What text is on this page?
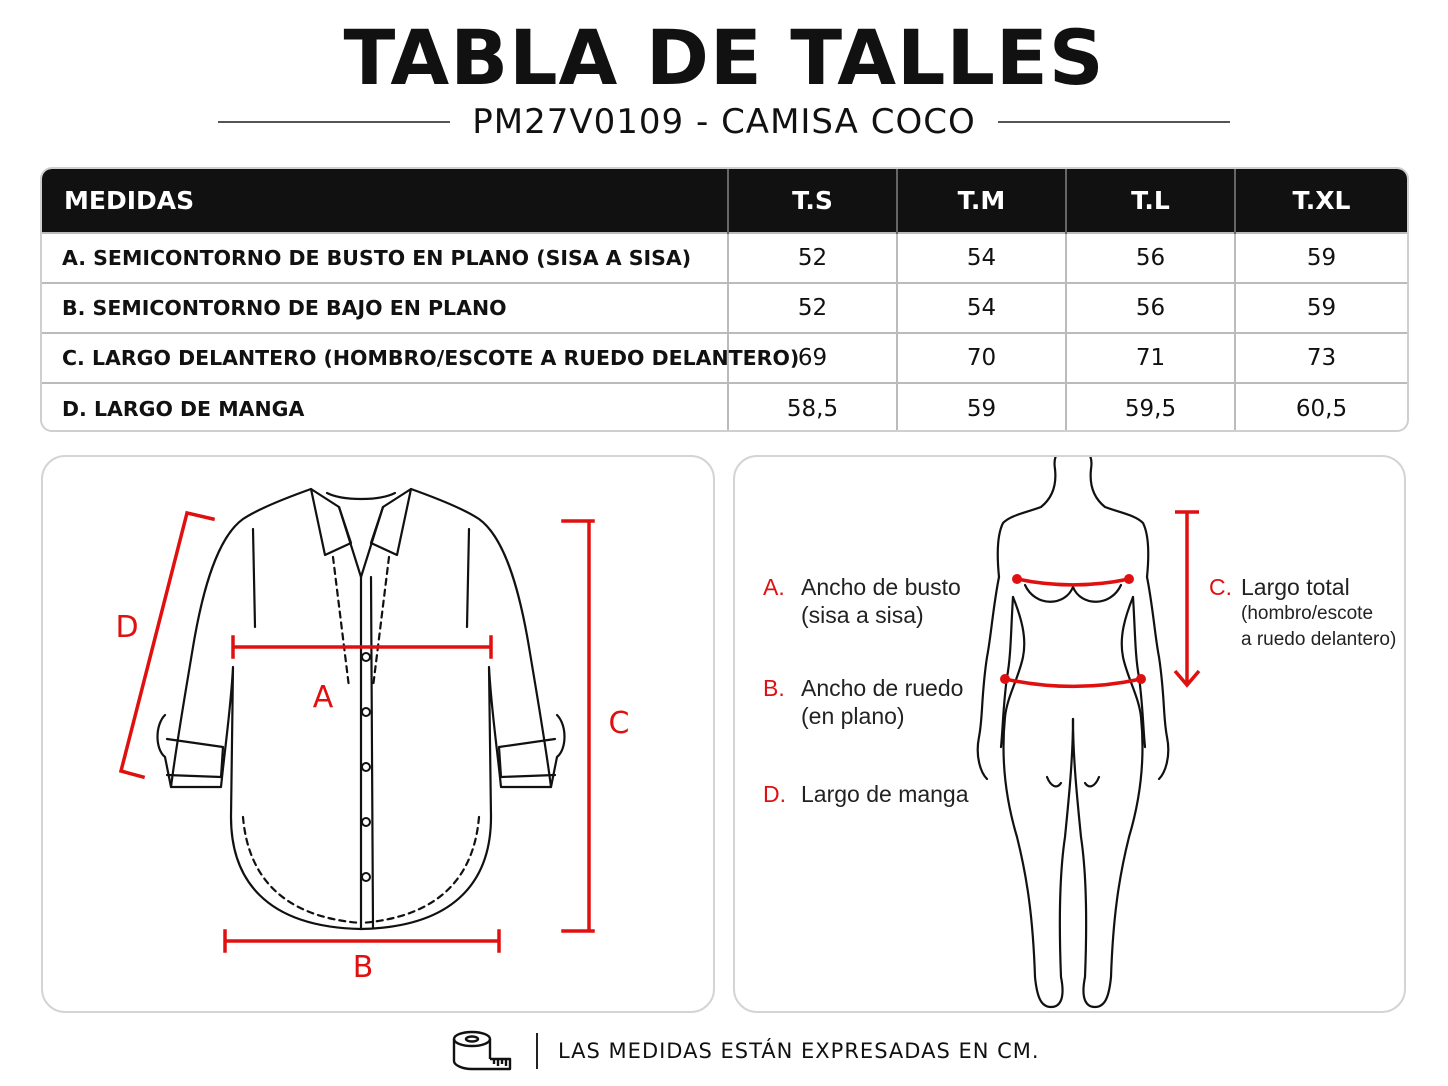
TABLA DE TALLES
PM27V0109 - CAMISA COCO
MEDIDAS	T.S	T.M	T.L	T.XL
A. SEMICONTORNO DE BUSTO EN PLANO (SISA A SISA)	52	54	56	59
B. SEMICONTORNO DE BAJO EN PLANO	52	54	56	59
C. LARGO DELANTERO (HOMBRO/ESCOTE A RUEDO DELANTERO)	69	70	71	73
D. LARGO DE MANGA	58,5	59	59,5	60,5
A
B
C
D
A. Ancho de busto
(sisa a sisa)
B. Ancho de ruedo
(en plano)
D. Largo de manga
C. Largo total
(hombro/escote
a ruedo delantero)
LAS MEDIDAS ESTÁN EXPRESADAS EN CM.
